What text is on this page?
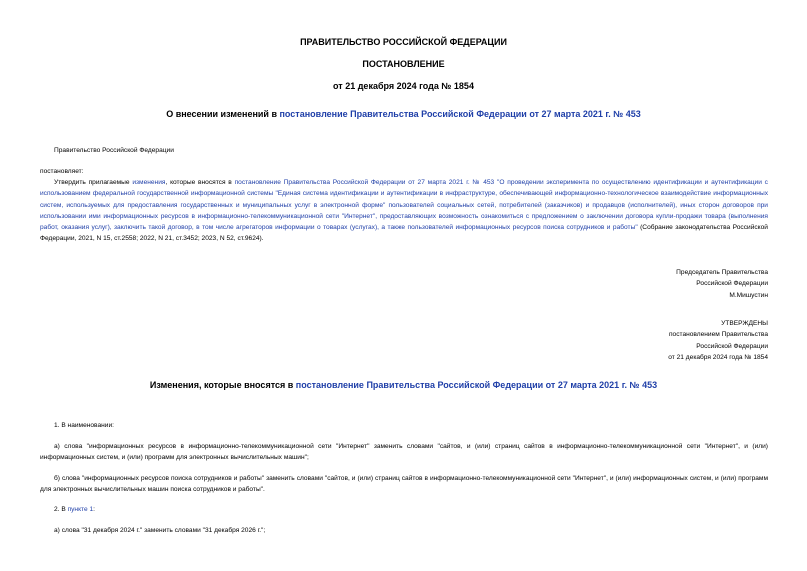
ПРАВИТЕЛЬСТВО РОССИЙСКОЙ ФЕДЕРАЦИИ
ПОСТАНОВЛЕНИЕ
от 21 декабря 2024 года № 1854
О внесении изменений в постановление Правительства Российской Федерации от 27 марта 2021 г. № 453
Правительство Российской Федерации
постановляет:
Утвердить прилагаемые изменения, которые вносятся в постановление Правительства Российской Федерации от 27 марта 2021 г. № 453 "О проведении эксперимента по осуществлению идентификации и аутентификации с использованием федеральной государственной информационной системы "Единая система идентификации и аутентификации в инфраструктуре, обеспечивающей информационно-технологическое взаимодействие информационных систем, используемых для предоставления государственных и муниципальных услуг в электронной форме" пользователей социальных сетей, потребителей (заказчиков) и продавцов (исполнителей), иных сторон договоров при использовании ими информационных ресурсов в информационно-телекоммуникационной сети "Интернет", предоставляющих возможность ознакомиться с предложением о заключении договора купли-продажи товара (выполнения работ, оказания услуг), заключить такой договор, в том числе агрегаторов информации о товарах (услугах), а также пользователей информационных ресурсов поиска сотрудников и работы" (Собрание законодательства Российской Федерации, 2021, N 15, ст.2558; 2022, N 21, ст.3452; 2023, N 52, ст.9624).
Председатель Правительства
Российской Федерации
М.Мишустин
УТВЕРЖДЕНЫ
постановлением Правительства
Российской Федерации
от 21 декабря 2024 года № 1854
Изменения, которые вносятся в постановление Правительства Российской Федерации от 27 марта 2021 г. № 453
1. В наименовании:
а) слова "информационных ресурсов в информационно-телекоммуникационной сети "Интернет" заменить словами "сайтов, и (или) страниц сайтов в информационно-телекоммуникационной сети "Интернет", и (или) информационных систем, и (или) программ для электронных вычислительных машин";
б) слова "информационных ресурсов поиска сотрудников и работы" заменить словами "сайтов, и (или) страниц сайтов в информационно-телекоммуникационной сети "Интернет", и (или) информационных систем, и (или) программ для электронных вычислительных машин поиска сотрудников и работы".
2. В пункте 1:
а) слова "31 декабря 2024 г." заменить словами "31 декабря 2026 г.";
